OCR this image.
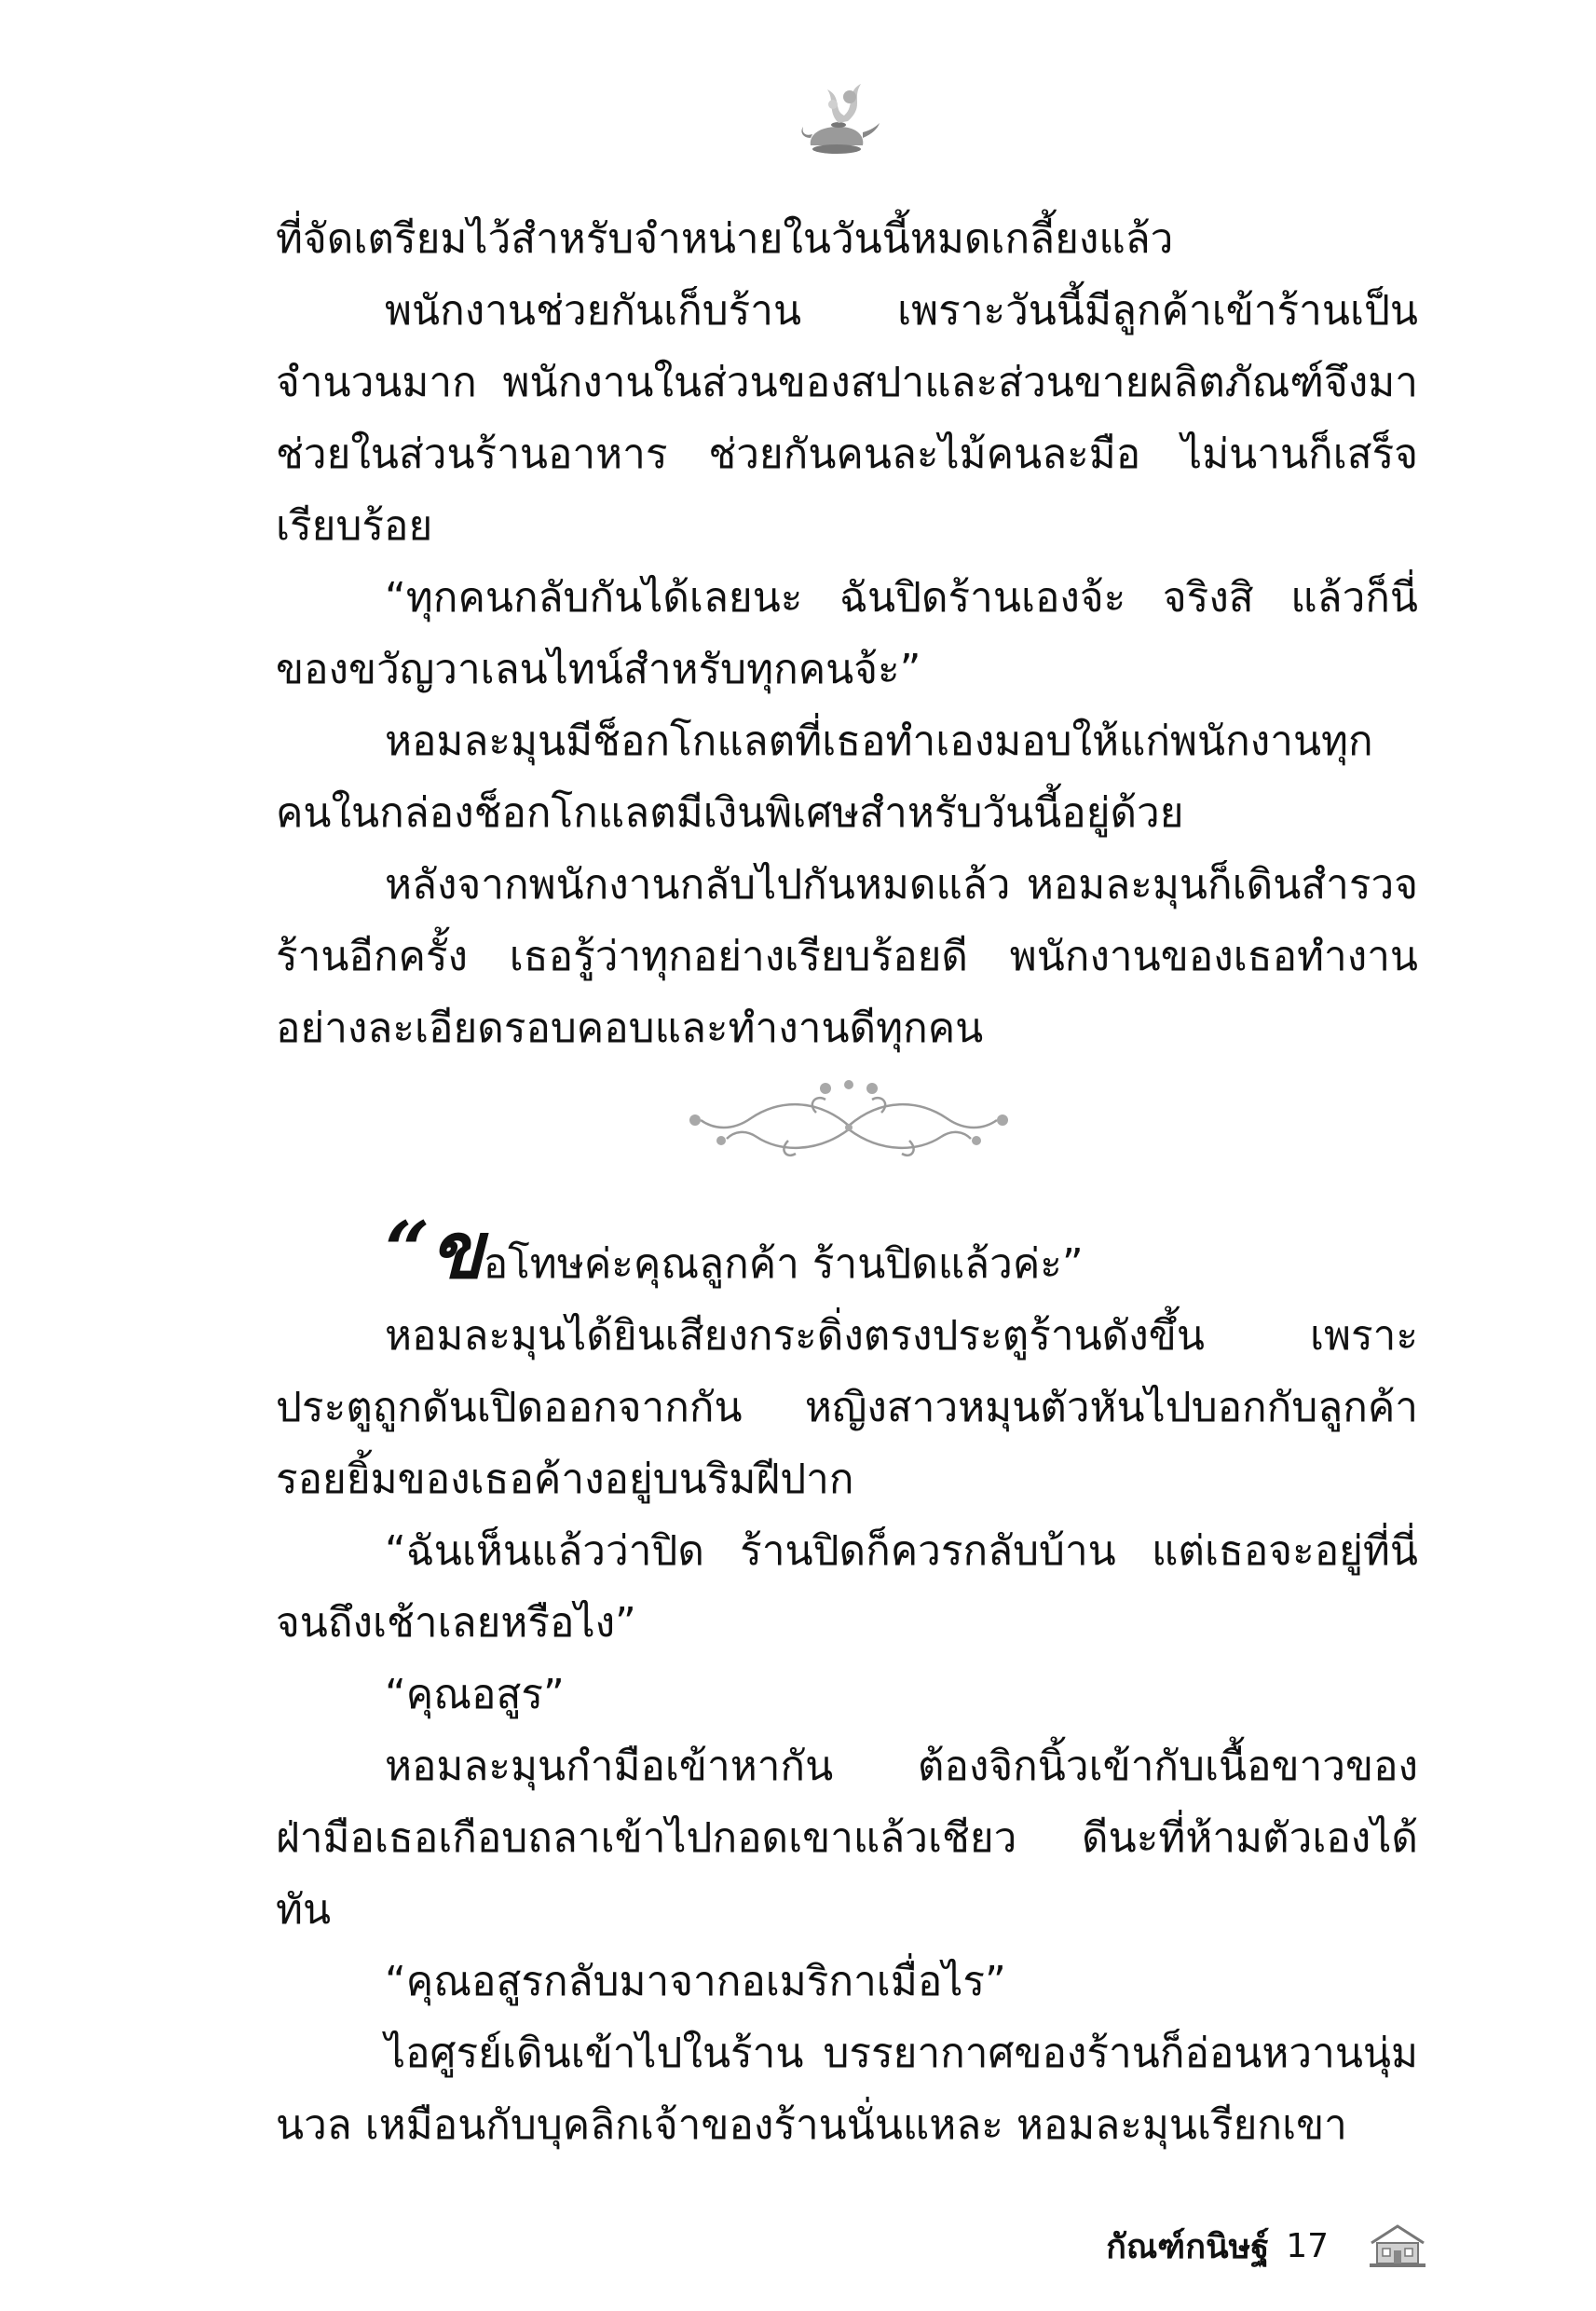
ที่จัดเตรียมไว้สำหรับจำหน่ายในวันนี้หมดเกลี้ยงแล้ว

พนักงานช่วยกันเก็บร้าน เพราะวันนี้มีลูกค้าเข้าร้านเป็นจำนวนมาก พนักงานในส่วนของสปาและส่วนขายผลิตภัณฑ์จึงมาช่วยในส่วนร้านอาหาร ช่วยกันคนละไม้คนละมือ ไม่นานก็เสร็จเรียบร้อย

“ทุกคนกลับกันได้เลยนะ ฉันปิดร้านเองจ้ะ จริงสิ แล้วก็นี่ของขวัญวาเลนไทน์สำหรับทุกคนจ้ะ”

หอมละมุนมีช็อกโกแลตที่เธอทำเองมอบให้แก่พนักงานทุกคนในกล่องช็อกโกแลตมีเงินพิเศษสำหรับวันนี้อยู่ด้วย

หลังจากพนักงานกลับไปกันหมดแล้ว หอมละมุนก็เดินสำรวจร้านอีกครั้ง เธอรู้ว่าทุกอย่างเรียบร้อยดี พนักงานของเธอทำงานอย่างละเอียดรอบคอบและทำงานดีทุกคน

“ขอโทษค่ะคุณลูกค้า ร้านปิดแล้วค่ะ”

หอมละมุนได้ยินเสียงกระดิ่งตรงประตูร้านดังขึ้น เพราะประตูถูกดันเปิดออกจากกัน หญิงสาวหมุนตัวหันไปบอกกับลูกค้ารอยยิ้มของเธอค้างอยู่บนริมฝีปาก

“ฉันเห็นแล้วว่าปิด ร้านปิดก็ควรกลับบ้าน แต่เธอจะอยู่ที่นี่จนถึงเช้าเลยหรือไง”

“คุณอสูร”

หอมละมุนกำมือเข้าหากัน ต้องจิกนิ้วเข้ากับเนื้อขาวของฝ่ามือเธอเกือบถลาเข้าไปกอดเขาแล้วเชียว ดีนะที่ห้ามตัวเองได้ทัน

“คุณอสูรกลับมาจากอเมริกาเมื่อไร”

ไอศูรย์เดินเข้าไปในร้าน บรรยากาศของร้านก็อ่อนหวานนุ่มนวล เหมือนกับบุคลิกเจ้าของร้านนั่นแหละ หอมละมุนเรียกเขา

กัณฑ์กนิษฐ์ 17
